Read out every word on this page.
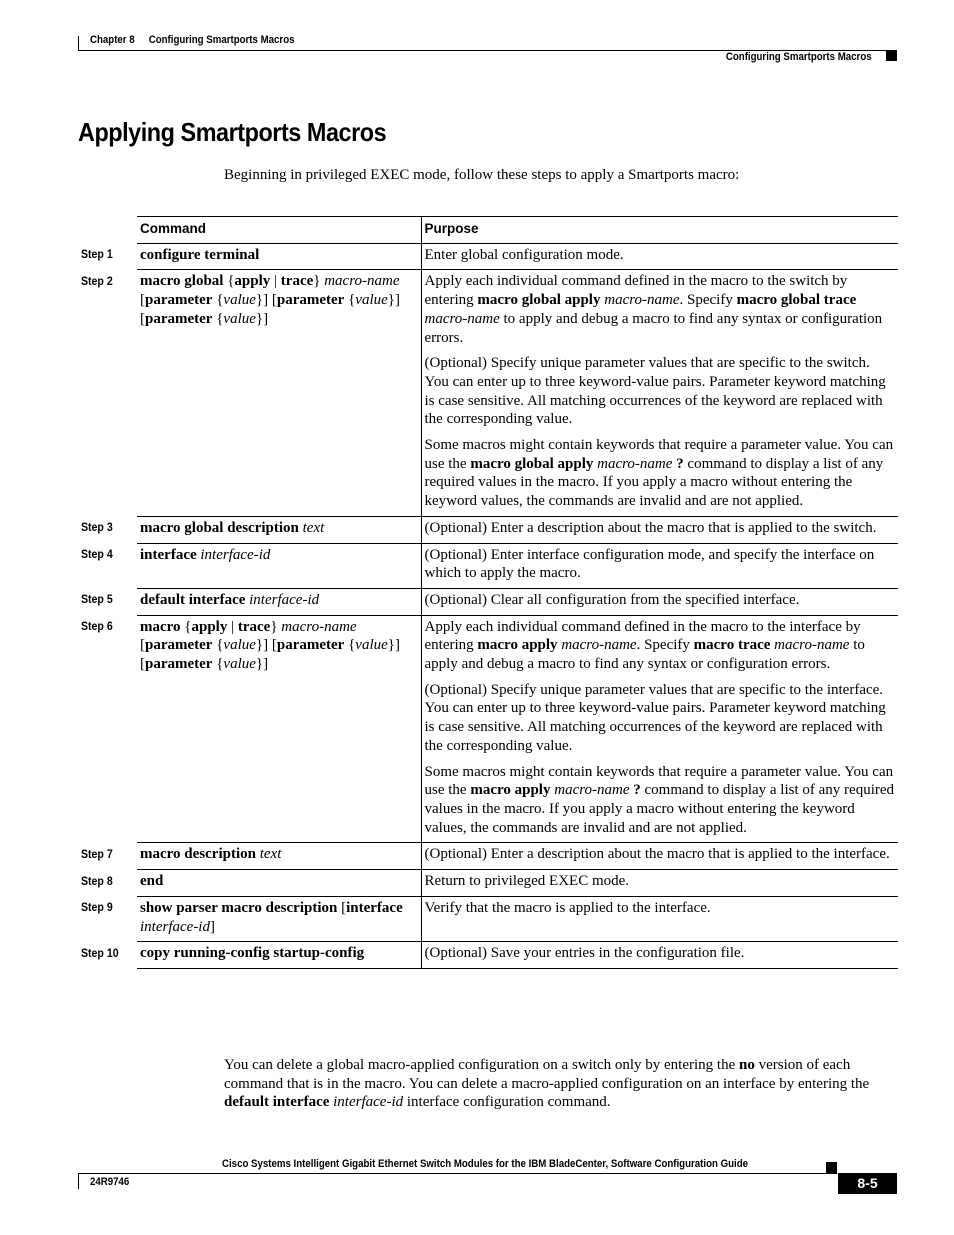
Chapter 8 Configuring Smartports Macros
Configuring Smartports Macros
Applying Smartports Macros
Beginning in privileged EXEC mode, follow these steps to apply a Smartports macro:
	Command	Purpose
Step 1	configure terminal	Enter global configuration mode.

Step 2	macro global {apply | trace} macro-name [parameter {value}] [parameter {value}] [parameter {value}]	Apply each individual command defined in the macro to the switch by entering macro global apply macro-name. Specify macro global trace macro-name to apply and debug a macro to find any syntax or configuration errors.

(Optional) Specify unique parameter values that are specific to the switch. You can enter up to three keyword-value pairs. Parameter keyword matching is case sensitive. All matching occurrences of the keyword are replaced with the corresponding value.

Some macros might contain keywords that require a parameter value. You can use the macro global apply macro-name ? command to display a list of any required values in the macro. If you apply a macro without entering the keyword values, the commands are invalid and are not applied.

Step 3	macro global description text	(Optional) Enter a description about the macro that is applied to the switch.

Step 4	interface interface-id	(Optional) Enter interface configuration mode, and specify the interface on which to apply the macro.

Step 5	default interface interface-id	(Optional) Clear all configuration from the specified interface.

Step 6	macro {apply | trace} macro-name [parameter {value}] [parameter {value}] [parameter {value}]	Apply each individual command defined in the macro to the interface by entering macro apply macro-name. Specify macro trace macro-name to apply and debug a macro to find any syntax or configuration errors.

(Optional) Specify unique parameter values that are specific to the interface. You can enter up to three keyword-value pairs. Parameter keyword matching is case sensitive. All matching occurrences of the keyword are replaced with the corresponding value.

Some macros might contain keywords that require a parameter value. You can use the macro apply macro-name ? command to display a list of any required values in the macro. If you apply a macro without entering the keyword values, the commands are invalid and are not applied.

Step 7	macro description text	(Optional) Enter a description about the macro that is applied to the interface.

Step 8	end	Return to privileged EXEC mode.

Step 9	show parser macro description [interface interface-id]	Verify that the macro is applied to the interface.

Step 10	copy running-config startup-config	(Optional) Save your entries in the configuration file.

You can delete a global macro-applied configuration on a switch only by entering the no version of each command that is in the macro. You can delete a macro-applied configuration on an interface by entering the default interface interface-id interface configuration command.
Cisco Systems Intelligent Gigabit Ethernet Switch Modules for the IBM BladeCenter, Software Configuration Guide
24R9746	8-5
